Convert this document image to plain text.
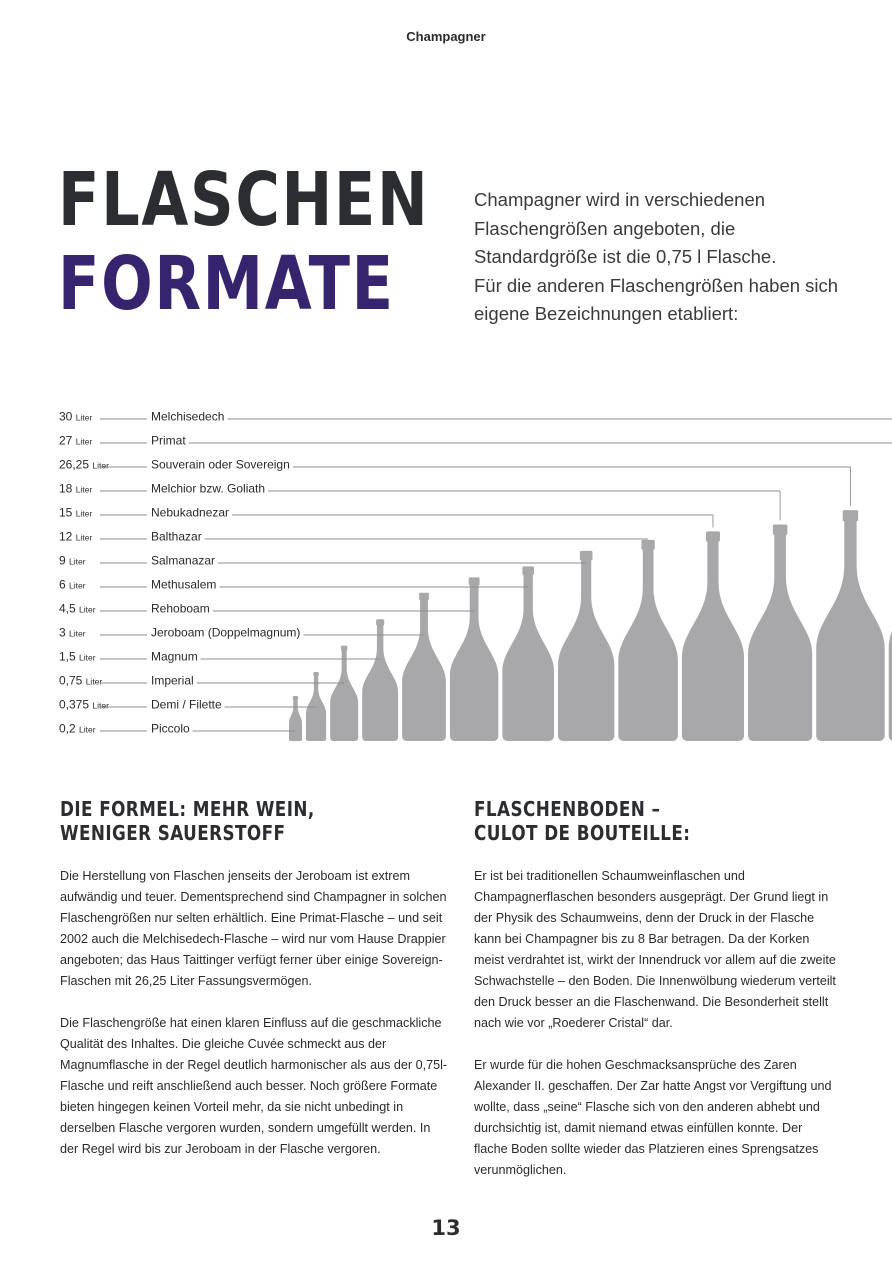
Champagner
FLASCHEN
FORMATE

Champagner wird in verschiedenen Flaschengrößen angeboten, die Standardgröße ist die 0,75 l Flasche.

Für die anderen Flaschengrößen haben sich eigene Bezeichnungen etabliert:

0,2 Liter	Piccolo
0,375 Liter	Demi / Filette
0,75 Liter	Imperial
1,5 Liter	Magnum
3 Liter	Jeroboam (Doppelmagnum)
4,5 Liter	Rehoboam
6 Liter	Methusalem
9 Liter	Salmanazar
12 Liter	Balthazar
15 Liter	Nebukadnezar
18 Liter	Melchior bzw. Goliath
26,25 Liter	Souverain oder Sovereign
27 Liter	Primat
30 Liter	Melchisedech
DIE FORMEL: MEHR WEIN,
WENIGER SAUERSTOFF

Die Herstellung von Flaschen jenseits der Jeroboam ist extrem aufwändig und teuer. Dementsprechend sind Champagner in solchen Flaschengrößen nur selten erhältlich. Eine Primat-Flasche – und seit 2002 auch die Melchisedech-Flasche – wird nur vom Hause Drappier angeboten; das Haus Taittinger verfügt ferner über einige Sovereign-Flaschen mit 26,25 Liter Fassungsvermögen.

Die Flaschengröße hat einen klaren Einfluss auf die geschmackliche Qualität des Inhaltes. Die gleiche Cuvée schmeckt aus der Magnumflasche in der Regel deutlich harmonischer als aus der 0,75l-Flasche und reift anschließend auch besser. Noch größere Formate bieten hingegen keinen Vorteil mehr, da sie nicht unbedingt in derselben Flasche vergoren wurden, sondern umgefüllt werden. In der Regel wird bis zur Jeroboam in der Flasche vergoren.

FLASCHENBODEN –
CULOT DE BOUTEILLE:

Er ist bei traditionellen Schaumweinflaschen und Champagnerflaschen besonders ausgeprägt. Der Grund liegt in der Physik des Schaumweins, denn der Druck in der Flasche kann bei Champagner bis zu 8 Bar betragen. Da der Korken meist verdrahtet ist, wirkt der Innendruck vor allem auf die zweite Schwachstelle – den Boden. Die Innenwölbung wiederum verteilt den Druck besser an die Flaschenwand. Die Besonderheit stellt nach wie vor „Roederer Cristal“ dar.

Er wurde für die hohen Geschmacksansprüche des Zaren Alexander II. geschaffen. Der Zar hatte Angst vor Vergiftung und wollte, dass „seine“ Flasche sich von den anderen abhebt und durchsichtig ist, damit niemand etwas einfüllen konnte. Der flache Boden sollte wieder das Platzieren eines Sprengsatzes verunmöglichen.

13
